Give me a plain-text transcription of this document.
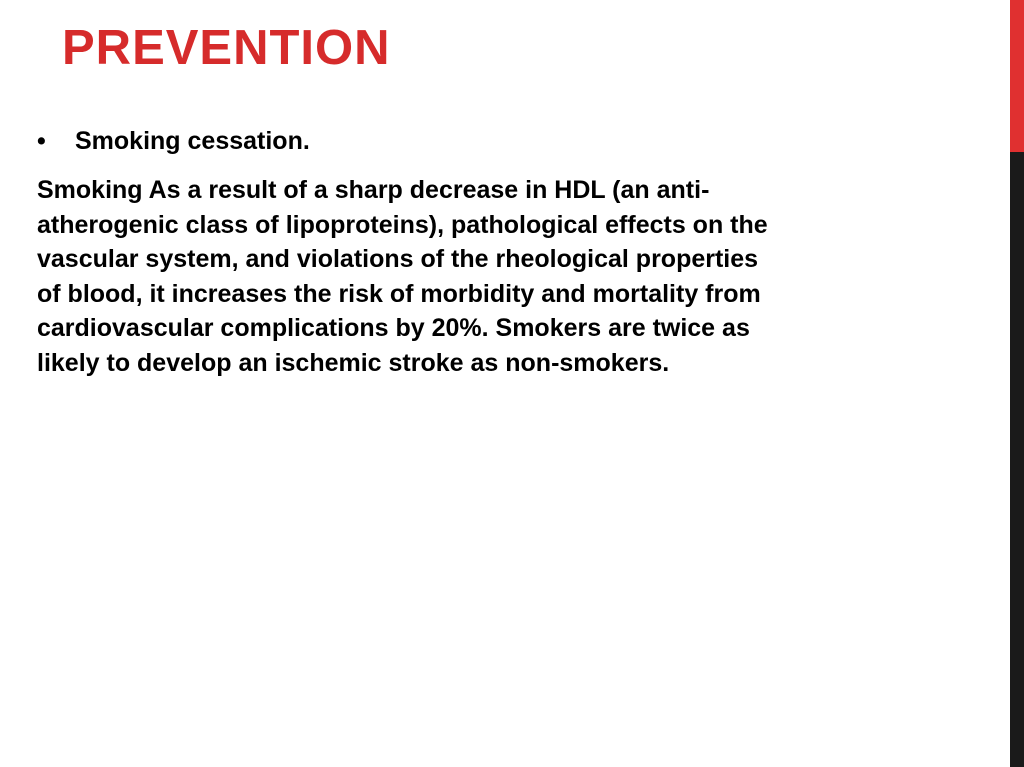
PREVENTION
• Smoking cessation.

Smoking As a result of a sharp decrease in HDL (an anti-
atherogenic class of lipoproteins), pathological effects on the
vascular system, and violations of the rheological properties
of blood, it increases the risk of morbidity and mortality from
cardiovascular complications by 20%. Smokers are twice as
likely to develop an ischemic stroke as non-smokers.
